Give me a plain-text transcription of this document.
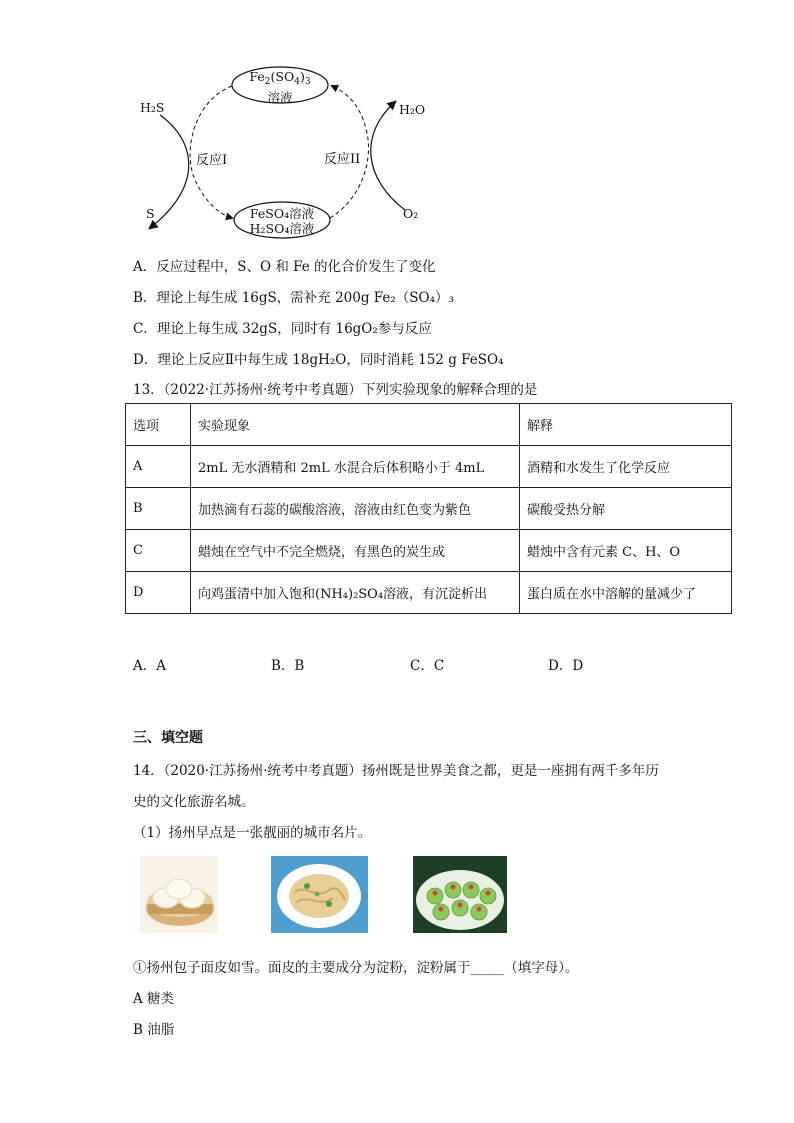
$Fe_2(SO_4)_3$
溶液
FeSO₄溶液
H₂SO₄溶液
H₂S
S
H₂O
O₂
反应I	反应II
A．反应过程中，S、O 和 Fe 的化合价发生了变化
B．理论上每生成 16gS，需补充 200g Fe₂（SO₄）₃
C．理论上每生成 32gS，同时有 16gO₂参与反应
D．理论上反应Ⅱ中每生成 18gH₂O，同时消耗 152 g FeSO₄
13．（2022·江苏扬州·统考中考真题）下列实验现象的解释合理的是
选项	实验现象	解释
A	2mL 无水酒精和 2mL 水混合后体积略小于 4mL	酒精和水发生了化学反应
B	加热滴有石蕊的碳酸溶液，溶液由红色变为紫色	碳酸受热分解
C	蜡烛在空气中不完全燃烧，有黑色的炭生成	蜡烛中含有元素 C、H、O
D	向鸡蛋清中加入饱和(NH₄)₂SO₄溶液，有沉淀析出	蛋白质在水中溶解的量减少了
A．A	B．B	C．C	D．D
三、填空题
14．（2020·江苏扬州·统考中考真题）扬州既是世界美食之都，更是一座拥有两千多年历
史的文化旅游名城。
（1）扬州早点是一张靓丽的城市名片。
①扬州包子面皮如雪。面皮的主要成分为淀粉，淀粉属于_____（填字母）。
A 糖类
B 油脂
